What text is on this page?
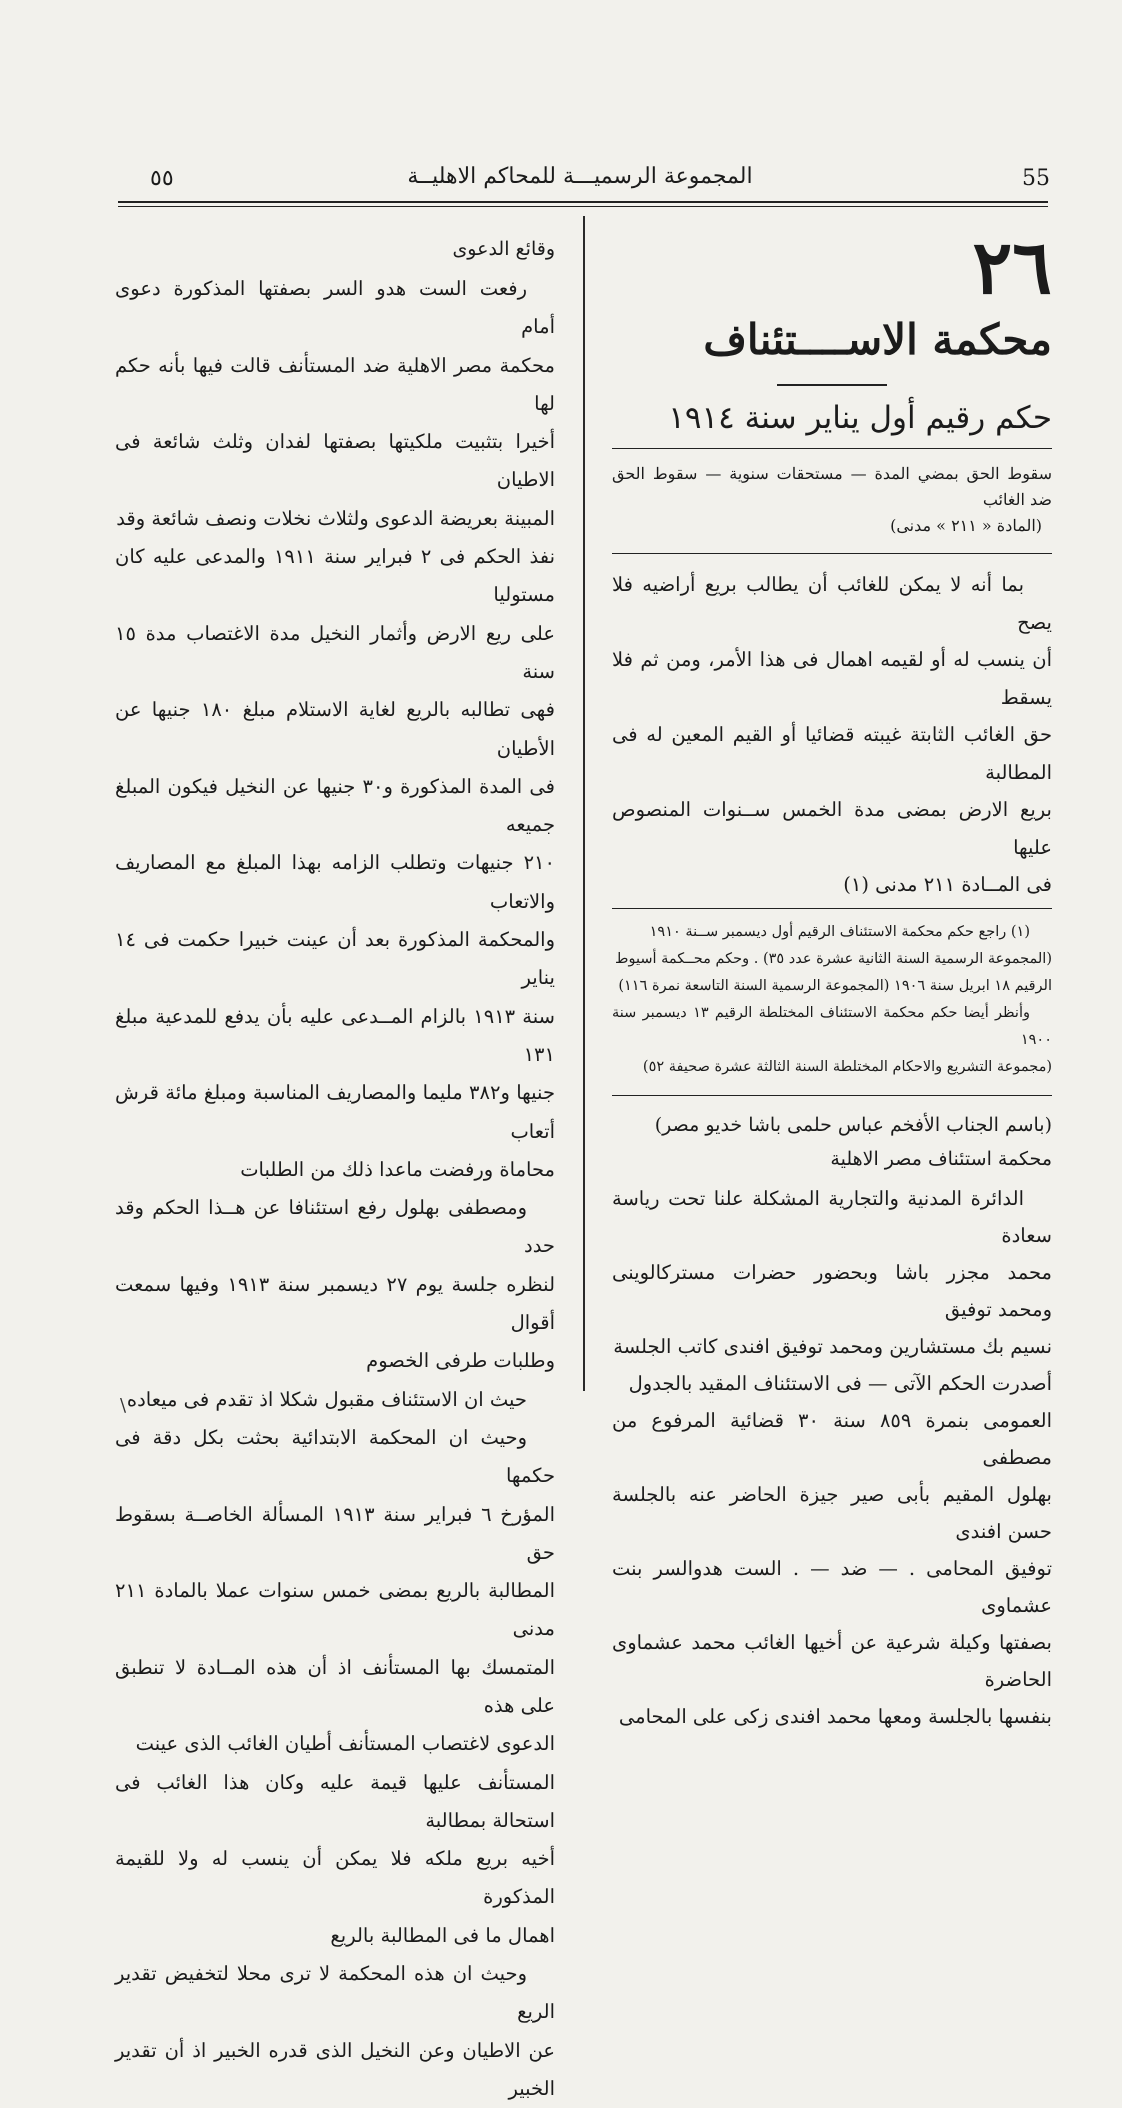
55
المجموعة الرسميـــة للمحاكم الاهليــة
٥٥
٢٦
محكمة الاســــتئناف
حكم رقيم أول يناير سنة ١٩١٤
سقوط الحق بمضي المدة — مستحقات سنوية — سقوط الحق ضد الغائب
(المادة « ٢١١ » مدنى)

بما أنه لا يمكن للغائب أن يطالب بريع أراضيه فلا يصح

أن ينسب له أو لقيمه اهمال فى هذا الأمر، ومن ثم فلا يسقط

حق الغائب الثابتة غيبته قضائيا أو القيم المعين له فى المطالبة

بريع الارض بمضى مدة الخمس ســنوات المنصوص عليها

فى المــادة ٢١١ مدنى (١)

(١) راجع حكم محكمة الاستئناف الرقيم أول ديسمبر ســنة ١٩١٠

(المجموعة الرسمية السنة الثانية عشرة عدد ٣٥) . وحكم محــكمة أسيوط

الرقيم ١٨ ابريل سنة ١٩٠٦ (المجموعة الرسمية السنة التاسعة نمرة ١١٦)

وأنظر أيضا حكم محكمة الاستئناف المختلطة الرقيم ١٣ ديسمبر سنة ١٩٠٠

(مجموعة التشريع والاحكام المختلطة السنة الثالثة عشرة صحيفة ٥٢)

(باسم الجناب الأفخم عباس حلمى باشا خديو مصر)
محكمة استئناف مصر الاهلية

الدائرة المدنية والتجارية المشكلة علنا تحت رياسة سعادة

محمد مجزر باشا وبحضور حضرات مستركالوينى ومحمد توفيق

نسيم بك مستشارين ومحمد توفيق افندى كاتب الجلسة

أصدرت الحكم الآتى — فى الاستئناف المقيد بالجدول

العمومى بنمرة ٨٥٩ سنة ٣٠ قضائية المرفوع من مصطفى

بهلول المقيم بأبى صير جيزة الحاضر عنه بالجلسة حسن افندى

توفيق المحامى . — ضد — . الست هدوالسر بنت عشماوى

بصفتها وكيلة شرعية عن أخيها الغائب محمد عشماوى الحاضرة

بنفسها بالجلسة ومعها محمد افندى زكى على المحامى

وقائع الدعوى

رفعت الست هدو السر بصفتها المذكورة دعوى أمام

محكمة مصر الاهلية ضد المستأنف قالت فيها بأنه حكم لها

أخيرا بتثبيت ملكيتها بصفتها لفدان وثلث شائعة فى الاطيان

المبينة بعريضة الدعوى ولثلاث نخلات ونصف شائعة وقد

نفذ الحكم فى ٢ فبراير سنة ١٩١١ والمدعى عليه كان مستوليا

على ريع الارض وأثمار النخيل مدة الاغتصاب مدة ١٥ سنة

فهى تطالبه بالريع لغاية الاستلام مبلغ ١٨٠ جنيها عن الأطيان

فى المدة المذكورة و٣٠ جنيها عن النخيل فيكون المبلغ جميعه

٢١٠ جنيهات وتطلب الزامه بهذا المبلغ مع المصاريف والاتعاب

والمحكمة المذكورة بعد أن عينت خبيرا حكمت فى ١٤ يناير

سنة ١٩١٣ بالزام المــدعى عليه بأن يدفع للمدعية مبلغ ١٣١

جنيها و٣٨٢ مليما والمصاريف المناسبة ومبلغ مائة قرش أتعاب

محاماة ورفضت ماعدا ذلك من الطلبات

ومصطفى بهلول رفع استئنافا عن هــذا الحكم وقد حدد

لنظره جلسة يوم ٢٧ ديسمبر سنة ١٩١٣ وفيها سمعت أقوال

وطلبات طرفى الخصوم

حيث ان الاستئناف مقبول شكلا اذ تقدم فى ميعاده

وحيث ان المحكمة الابتدائية بحثت بكل دقة فى حكمها

المؤرخ ٦ فبراير سنة ١٩١٣ المسألة الخاصــة بسقوط حق

المطالبة بالريع بمضى خمس سنوات عملا بالمادة ٢١١ مدنى

المتمسك بها المستأنف اذ أن هذه المــادة لا تنطبق على هذه

الدعوى لاغتصاب المستأنف أطيان الغائب الذى عينت

المستأنف عليها قيمة عليه وكان هذا الغائب فى استحالة بمطالبة

أخيه بريع ملكه فلا يمكن أن ينسب له ولا للقيمة المذكورة

اهمال ما فى المطالبة بالريع

وحيث ان هذه المحكمة لا ترى محلا لتخفيض تقدير الريع

عن الاطيان وعن النخيل الذى قدره الخبير اذ أن تقدير الخبير

\
